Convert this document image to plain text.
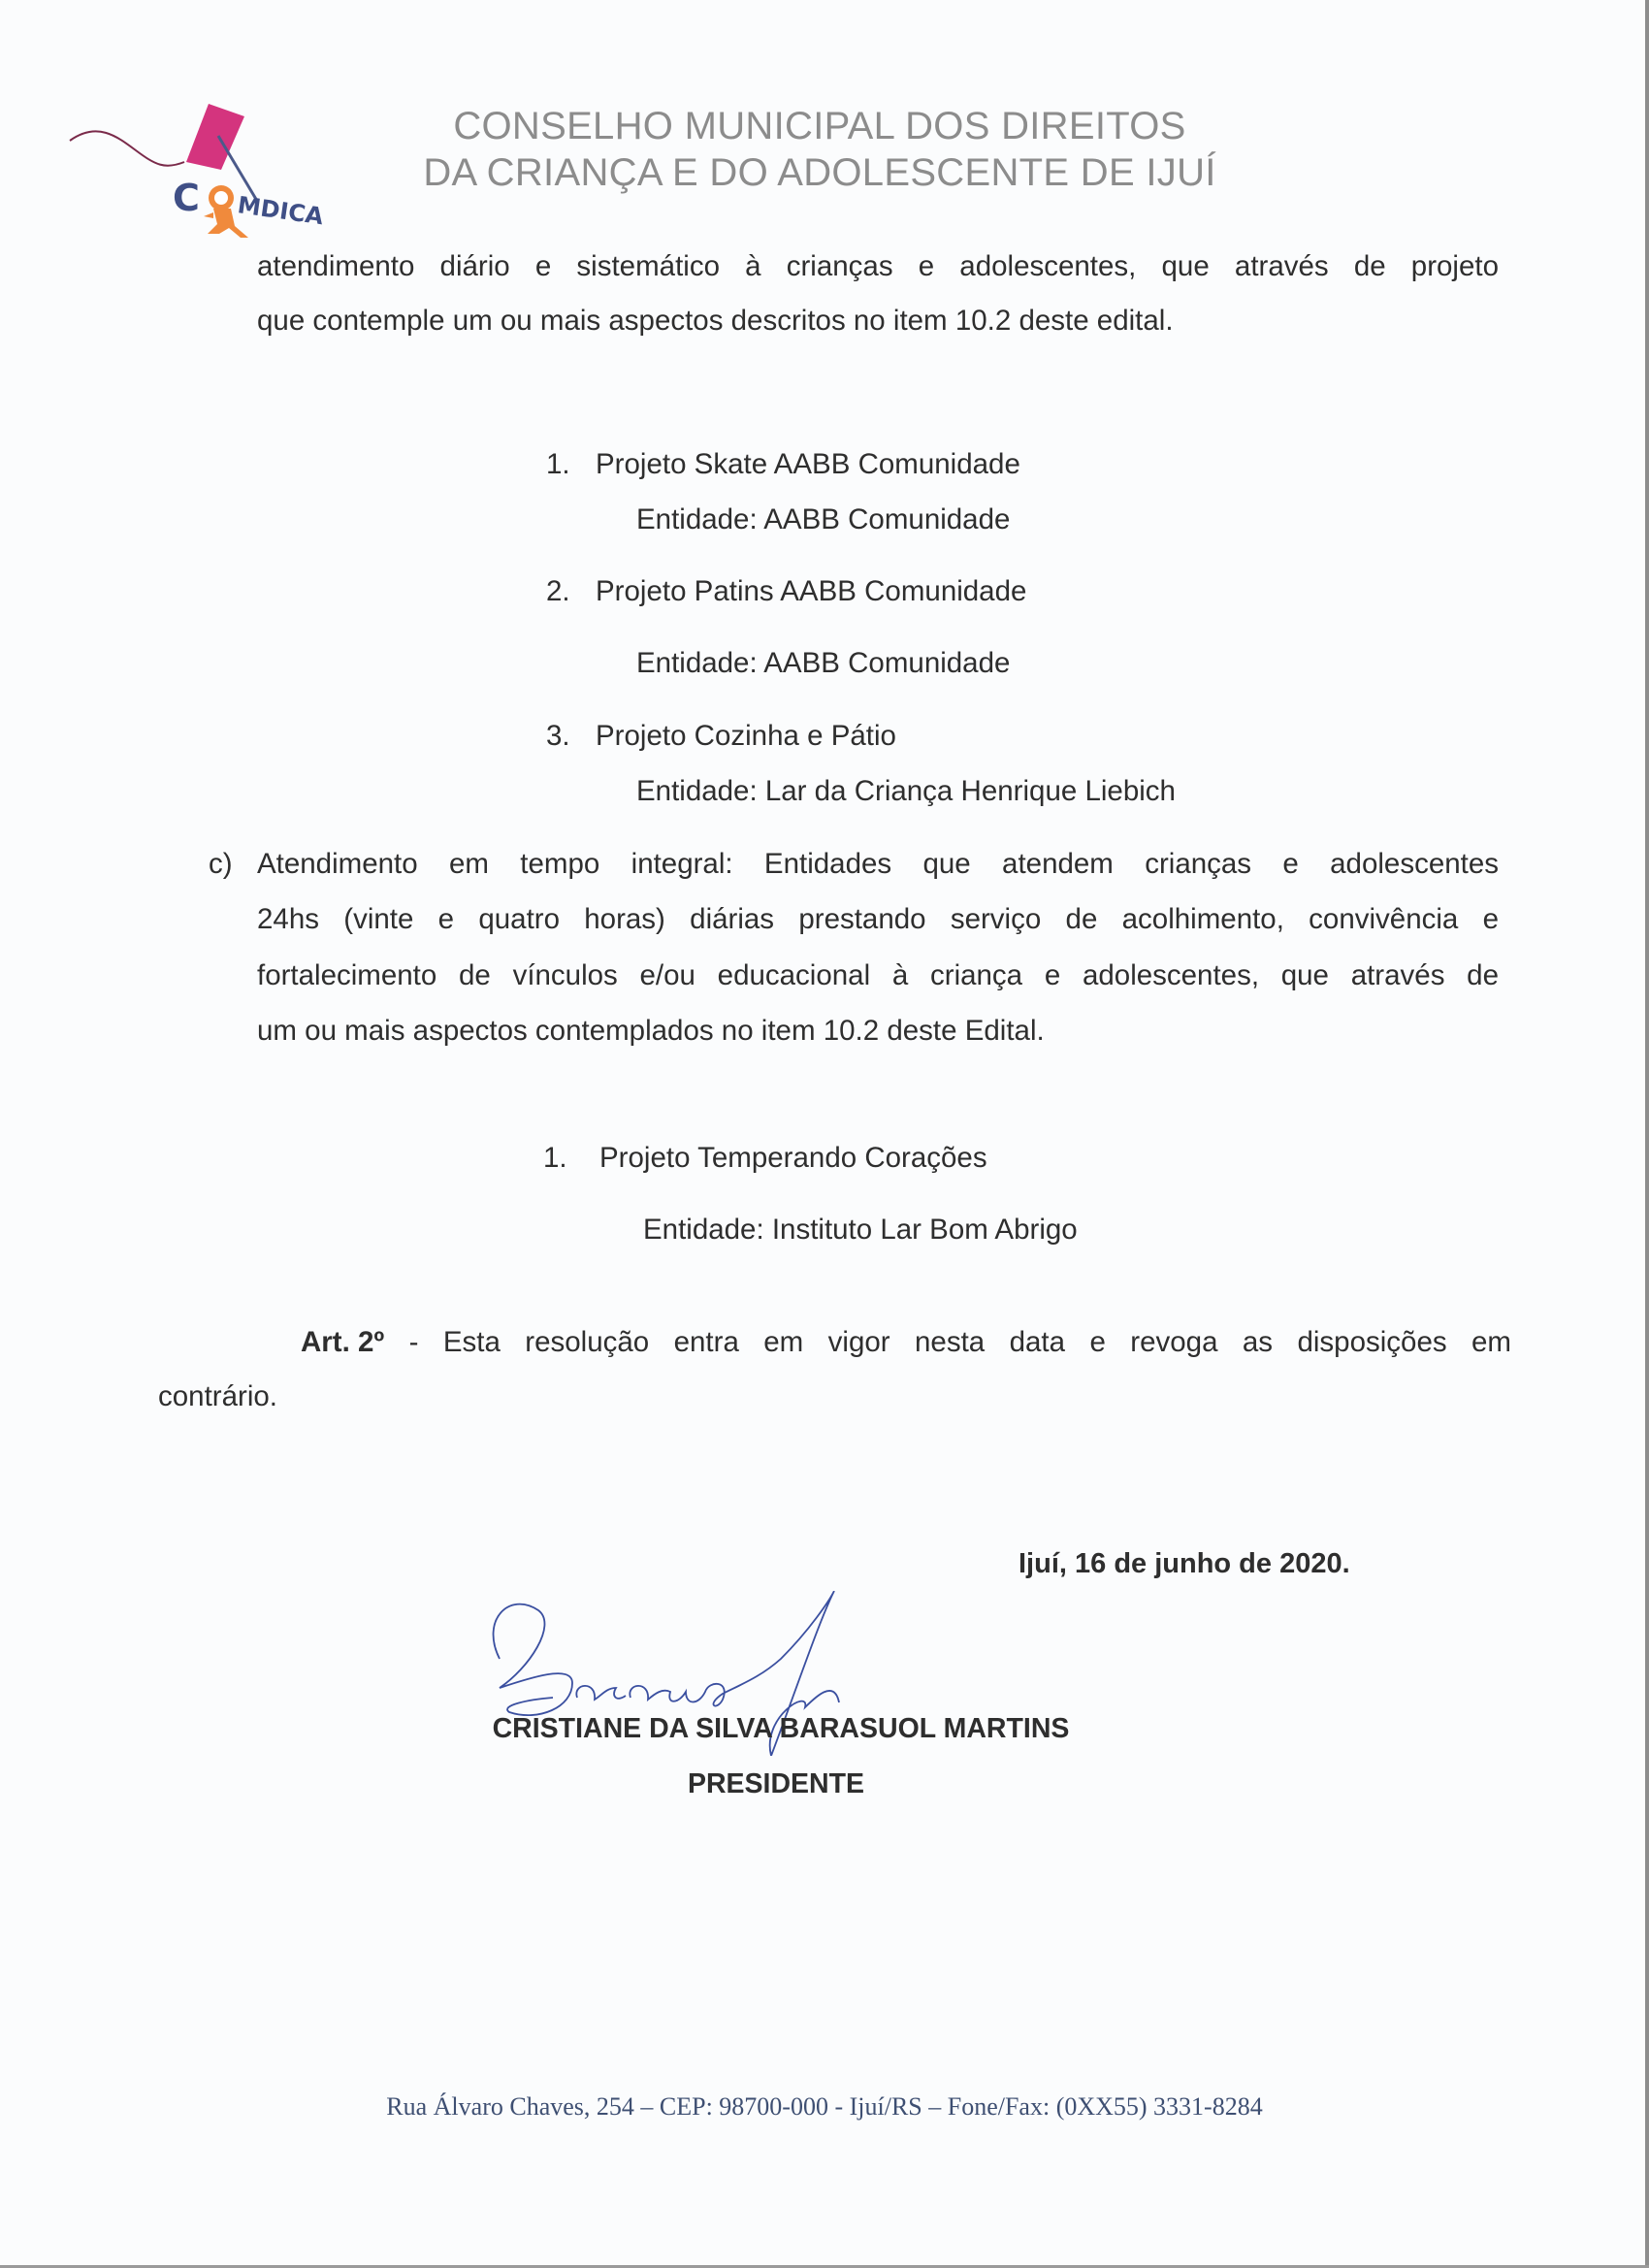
C MDICA
CONSELHO MUNICIPAL DOS DIREITOS
DA CRIANÇA E DO ADOLESCENTE DE IJUÍ
atendimento diário e sistemático à crianças e adolescentes, que através de projeto
que contemple um ou mais aspectos descritos no item 10.2 deste edital.
1. Projeto Skate AABB Comunidade
Entidade: AABB Comunidade
2. Projeto Patins AABB Comunidade
Entidade: AABB Comunidade
3. Projeto Cozinha e Pátio
Entidade: Lar da Criança Henrique Liebich
c) Atendimento em tempo integral: Entidades que atendem crianças e adolescentes
24hs (vinte e quatro horas) diárias prestando serviço de acolhimento, convivência e
fortalecimento de vínculos e/ou educacional à criança e adolescentes, que através de
um ou mais aspectos contemplados no item 10.2 deste Edital.
1. Projeto Temperando Corações
Entidade: Instituto Lar Bom Abrigo
Art. 2º - Esta resolução entra em vigor nesta data e revoga as disposições em
contrário.
Ijuí, 16 de junho de 2020.
CRISTIANE DA SILVA BARASUOL MARTINS
PRESIDENTE
Rua Álvaro Chaves, 254 – CEP: 98700-000 - Ijuí/RS – Fone/Fax: (0XX55) 3331-8284
